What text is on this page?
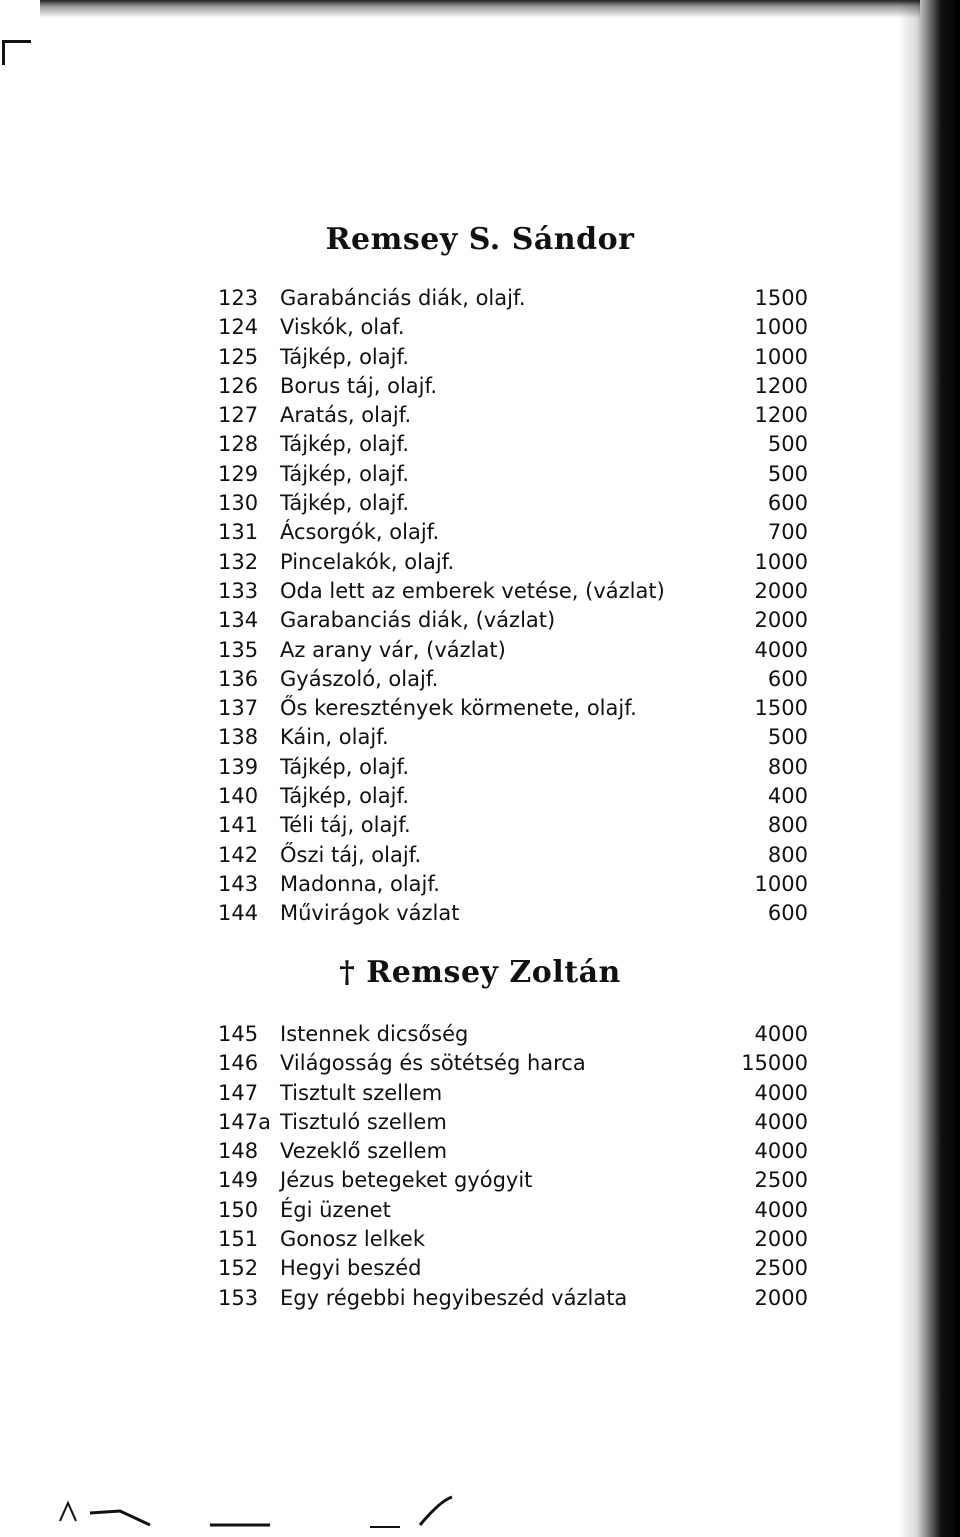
Remsey S. Sándor
123	Garabánciás diák, olajf.	1500
124	Viskók, olaf.	1000
125	Tájkép, olajf.	1000
126	Borus táj, olajf.	1200
127	Aratás, olajf.	1200
128	Tájkép, olajf.	500
129	Tájkép, olajf.	500
130	Tájkép, olajf.	600
131	Ácsorgók, olajf.	700
132	Pincelakók, olajf.	1000
133	Oda lett az emberek vetése, (vázlat)	2000
134	Garabanciás diák, (vázlat)	2000
135	Az arany vár, (vázlat)	4000
136	Gyászoló, olajf.	600
137	Ős keresztények körmenete, olajf.	1500
138	Káin, olajf.	500
139	Tájkép, olajf.	800
140	Tájkép, olajf.	400
141	Téli táj, olajf.	800
142	Őszi táj, olajf.	800
143	Madonna, olajf.	1000
144	Művirágok vázlat	600
† Remsey Zoltán
145	Istennek dicsőség	4000
146	Világosság és sötétség harca	15000
147	Tisztult szellem	4000
147a Tisztuló szellem	4000
148	Vezeklő szellem	4000
149	Jézus betegeket gyógyit	2500
150	Égi üzenet	4000
151	Gonosz lelkek	2000
152	Hegyi beszéd	2500
153	Egy régebbi hegyibeszéd vázlata	2000
